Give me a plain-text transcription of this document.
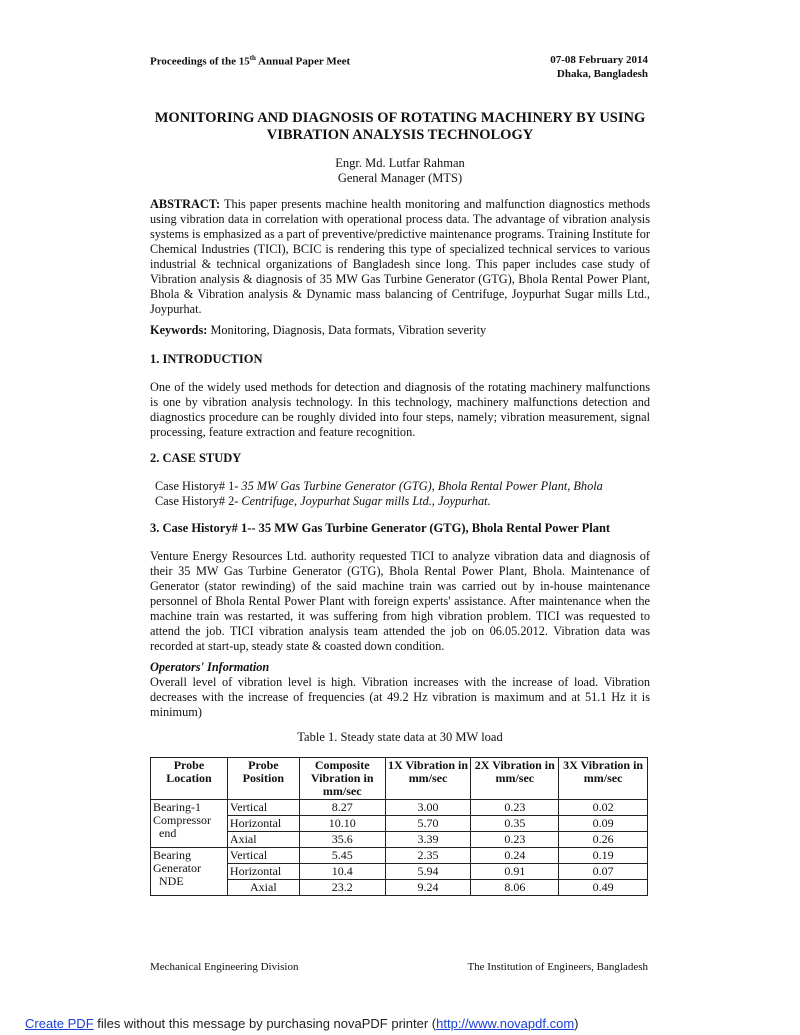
Proceedings of the 15th Annual Paper Meet	07-08 February 2014
Dhaka, Bangladesh
MONITORING AND DIAGNOSIS OF ROTATING MACHINERY BY USING
VIBRATION ANALYSIS TECHNOLOGY
Engr. Md. Lutfar Rahman
General Manager (MTS)
ABSTRACT: This paper presents machine health monitoring and malfunction diagnostics methods using vibration data in correlation with operational process data. The advantage of vibration analysis systems is emphasized as a part of preventive/predictive maintenance programs. Training Institute for Chemical Industries (TICI), BCIC is rendering this type of specialized technical services to various industrial & technical organizations of Bangladesh since long. This paper includes case study of Vibration analysis & diagnosis of 35 MW Gas Turbine Generator (GTG), Bhola Rental Power Plant, Bhola & Vibration analysis & Dynamic mass balancing of Centrifuge, Joypurhat Sugar mills Ltd., Joypurhat.
Keywords: Monitoring, Diagnosis, Data formats, Vibration severity
1. INTRODUCTION
One of the widely used methods for detection and diagnosis of the rotating machinery malfunctions is one by vibration analysis technology. In this technology, machinery malfunctions detection and diagnostics procedure can be roughly divided into four steps, namely; vibration measurement, signal processing, feature extraction and feature recognition.
2. CASE STUDY
Case History# 1- 35 MW Gas Turbine Generator (GTG), Bhola Rental Power Plant, Bhola
Case History# 2- Centrifuge, Joypurhat Sugar mills Ltd., Joypurhat.
3. Case History# 1-- 35 MW Gas Turbine Generator (GTG), Bhola Rental Power Plant
Venture Energy Resources Ltd. authority requested TICI to analyze vibration data and diagnosis of their 35 MW Gas Turbine Generator (GTG), Bhola Rental Power Plant, Bhola. Maintenance of Generator (stator rewinding) of the said machine train was carried out by in-house maintenance personnel of Bhola Rental Power Plant with foreign experts' assistance. After maintenance when the machine train was restarted, it was suffering from high vibration problem. TICI was requested to attend the job. TICI vibration analysis team attended the job on 06.05.2012. Vibration data was recorded at start-up, steady state & coasted down condition.
Operators' Information
Overall level of vibration level is high. Vibration increases with the increase of load. Vibration decreases with the increase of frequencies (at 49.2 Hz vibration is maximum and at 51.1 Hz it is minimum)
Table 1. Steady state data at 30 MW load
Probe Location	Probe Position	Composite Vibration in mm/sec	1X Vibration in mm/sec	2X Vibration in mm/sec	3X Vibration in mm/sec

Bearing-1
Compressor
end	Vertical	8.27	3.00	0.23	0.02
	Horizontal	10.10	5.70	0.35	0.09
	Axial	35.6	3.39	0.23	0.26

Bearing
Generator
NDE	Vertical	5.45	2.35	0.24	0.19
	Horizontal	10.4	5.94	0.91	0.07
	Axial	23.2	9.24	8.06	0.49
Mechanical Engineering Division	The Institution of Engineers, Bangladesh
Create PDF files without this message by purchasing novaPDF printer (http://www.novapdf.com)
